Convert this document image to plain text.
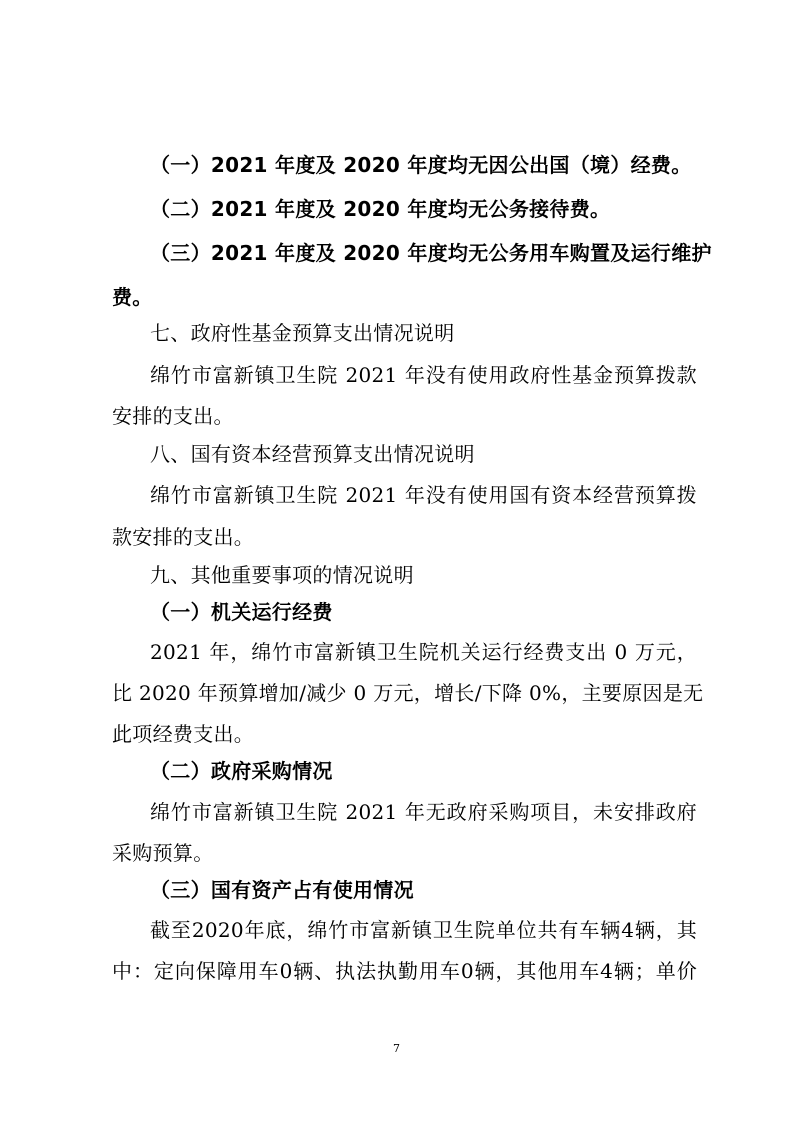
（一）2021 年度及 2020 年度均无因公出国（境）经费。
（二）2021 年度及 2020 年度均无公务接待费。
（三）2021 年度及 2020 年度均无公务用车购置及运行维护
费。
七、政府性基金预算支出情况说明
绵竹市富新镇卫生院 2021 年没有使用政府性基金预算拨款
安排的支出。
八、国有资本经营预算支出情况说明
绵竹市富新镇卫生院 2021 年没有使用国有资本经营预算拨
款安排的支出。
九、其他重要事项的情况说明
（一）机关运行经费
2021 年，绵竹市富新镇卫生院机关运行经费支出 0 万元，
比 2020 年预算增加/减少 0 万元，增长/下降 0%，主要原因是无
此项经费支出。
（二）政府采购情况
绵竹市富新镇卫生院 2021 年无政府采购项目，未安排政府
采购预算。
（三）国有资产占有使用情况
截至2020年底，绵竹市富新镇卫生院单位共有车辆4辆，其
中：定向保障用车0辆、执法执勤用车0辆，其他用车4辆；单价
7
